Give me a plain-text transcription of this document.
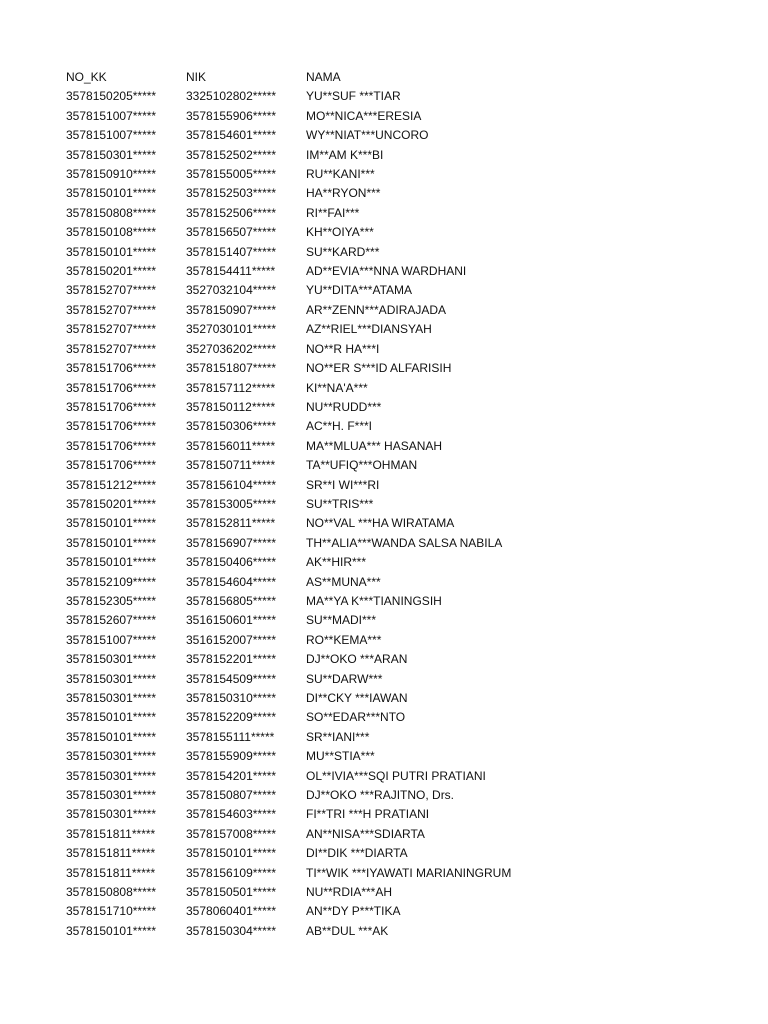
NO_KK	NIK	NAMA
3578150205*****	3325102802*****	YU**SUF ***TIAR
3578151007*****	3578155906*****	MO**NICA***ERESIA
3578151007*****	3578154601*****	WY**NIAT***UNCORO
3578150301*****	3578152502*****	IM**AM K***BI
3578150910*****	3578155005*****	RU**KANI***
3578150101*****	3578152503*****	HA**RYON***
3578150808*****	3578152506*****	RI**FAI***
3578150108*****	3578156507*****	KH**OIYA***
3578150101*****	3578151407*****	SU**KARD***
3578150201*****	3578154411*****	AD**EVIA***NNA WARDHANI
3578152707*****	3527032104*****	YU**DITA***ATAMA
3578152707*****	3578150907*****	AR**ZENN***ADIRAJADA
3578152707*****	3527030101*****	AZ**RIEL***DIANSYAH
3578152707*****	3527036202*****	NO**R HA***I
3578151706*****	3578151807*****	NO**ER S***ID ALFARISIH
3578151706*****	3578157112*****	KI**NA'A***
3578151706*****	3578150112*****	NU**RUDD***
3578151706*****	3578150306*****	AC**H. F***I
3578151706*****	3578156011*****	MA**MLUA*** HASANAH
3578151706*****	3578150711*****	TA**UFIQ***OHMAN
3578151212*****	3578156104*****	SR**I WI***RI
3578150201*****	3578153005*****	SU**TRIS***
3578150101*****	3578152811*****	NO**VAL ***HA WIRATAMA
3578150101*****	3578156907*****	TH**ALIA***WANDA SALSA NABILA
3578150101*****	3578150406*****	AK**HIR***
3578152109*****	3578154604*****	AS**MUNA***
3578152305*****	3578156805*****	MA**YA K***TIANINGSIH
3578152607*****	3516150601*****	SU**MADI***
3578151007*****	3516152007*****	RO**KEMA***
3578150301*****	3578152201*****	DJ**OKO ***ARAN
3578150301*****	3578154509*****	SU**DARW***
3578150301*****	3578150310*****	DI**CKY ***IAWAN
3578150101*****	3578152209*****	SO**EDAR***NTO
3578150101*****	3578155111*****	SR**IANI***
3578150301*****	3578155909*****	MU**STIA***
3578150301*****	3578154201*****	OL**IVIA***SQI PUTRI PRATIANI
3578150301*****	3578150807*****	DJ**OKO ***RAJITNO, Drs.
3578150301*****	3578154603*****	FI**TRI ***H PRATIANI
3578151811*****	3578157008*****	AN**NISA***SDIARTA
3578151811*****	3578150101*****	DI**DIK ***DIARTA
3578151811*****	3578156109*****	TI**WIK ***IYAWATI MARIANINGRUM
3578150808*****	3578150501*****	NU**RDIA***AH
3578151710*****	3578060401*****	AN**DY P***TIKA
3578150101*****	3578150304*****	AB**DUL ***AK
